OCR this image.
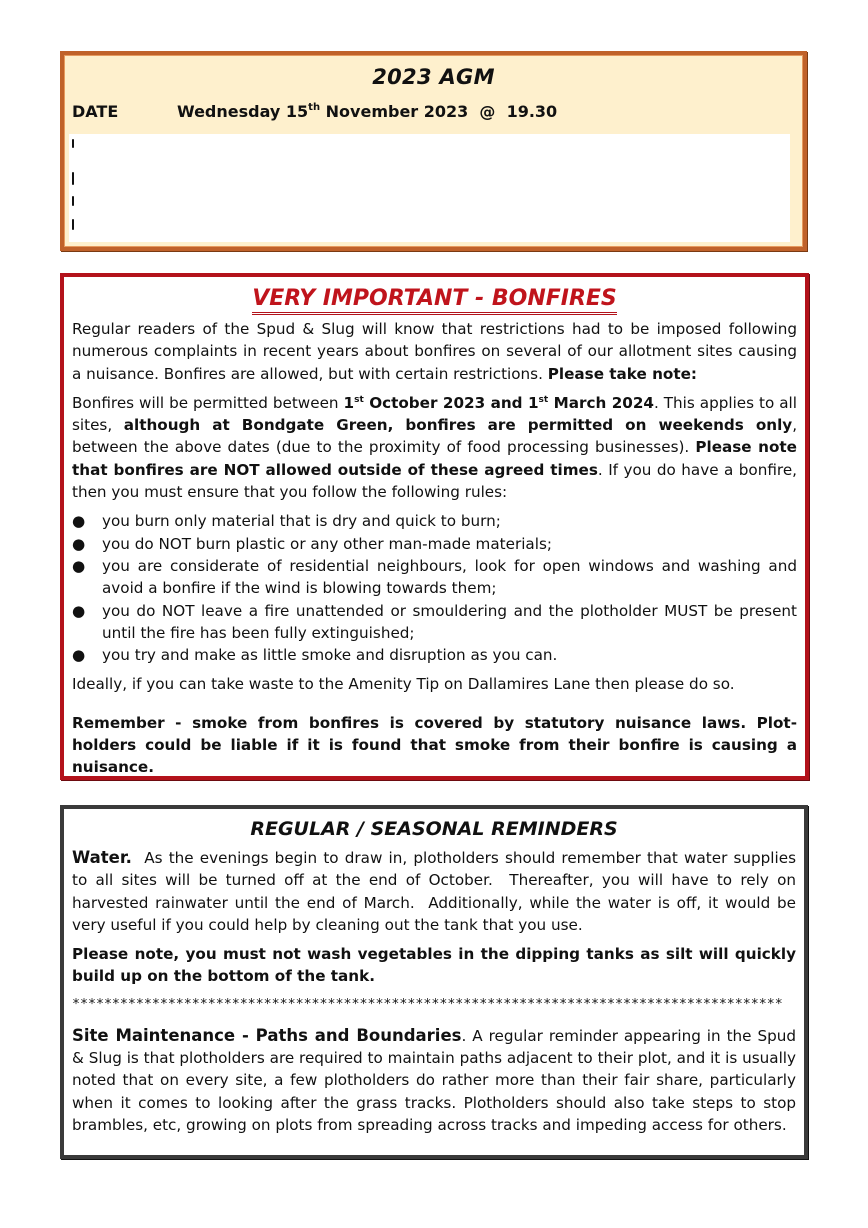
2023 AGM
DATE	Wednesday 15th November 2023  @  19.30
VERY IMPORTANT - BONFIRES

Regular readers of the Spud & Slug will know that restrictions had to be imposed following numerous complaints in recent years about bonfires on several of our allotment sites causing a nuisance. Bonfires are allowed, but with certain restrictions. Please take note:

Bonfires will be permitted between 1st October 2023 and 1st March 2024. This applies to all sites, although at Bondgate Green, bonfires are permitted on weekends only, between the above dates (due to the proximity of food processing businesses). Please note that bonfires are NOT allowed outside of these agreed times. If you do have a bonfire, then you must ensure that you follow the following rules:

● you burn only material that is dry and quick to burn;
● you do NOT burn plastic or any other man-made materials;
● you are considerate of residential neighbours, look for open windows and washing and avoid a bonfire if the wind is blowing towards them;
● you do NOT leave a fire unattended or smouldering and the plotholder MUST be present until the fire has been fully extinguished;
● you try and make as little smoke and disruption as you can.

Ideally, if you can take waste to the Amenity Tip on Dallamires Lane then please do so.

Remember - smoke from bonfires is covered by statutory nuisance laws. Plot-holders could be liable if it is found that smoke from their bonfire is causing a nuisance.

REGULAR / SEASONAL REMINDERS

Water.  As the evenings begin to draw in, plotholders should remember that water supplies to all sites will be turned off at the end of October.  Thereafter, you will have to rely on harvested rainwater until the end of March.  Additionally, while the water is off, it would be very useful if you could help by cleaning out the tank that you use.

Please note, you must not wash vegetables in the dipping tanks as silt will quickly build up on the bottom of the tank.

*****************************************************************************************

Site Maintenance - Paths and Boundaries. A regular reminder appearing in the Spud & Slug is that plotholders are required to maintain paths adjacent to their plot, and it is usually noted that on every site, a few plotholders do rather more than their fair share, particularly when it comes to looking after the grass tracks. Plotholders should also take steps to stop brambles, etc, growing on plots from spreading across tracks and impeding access for others.
